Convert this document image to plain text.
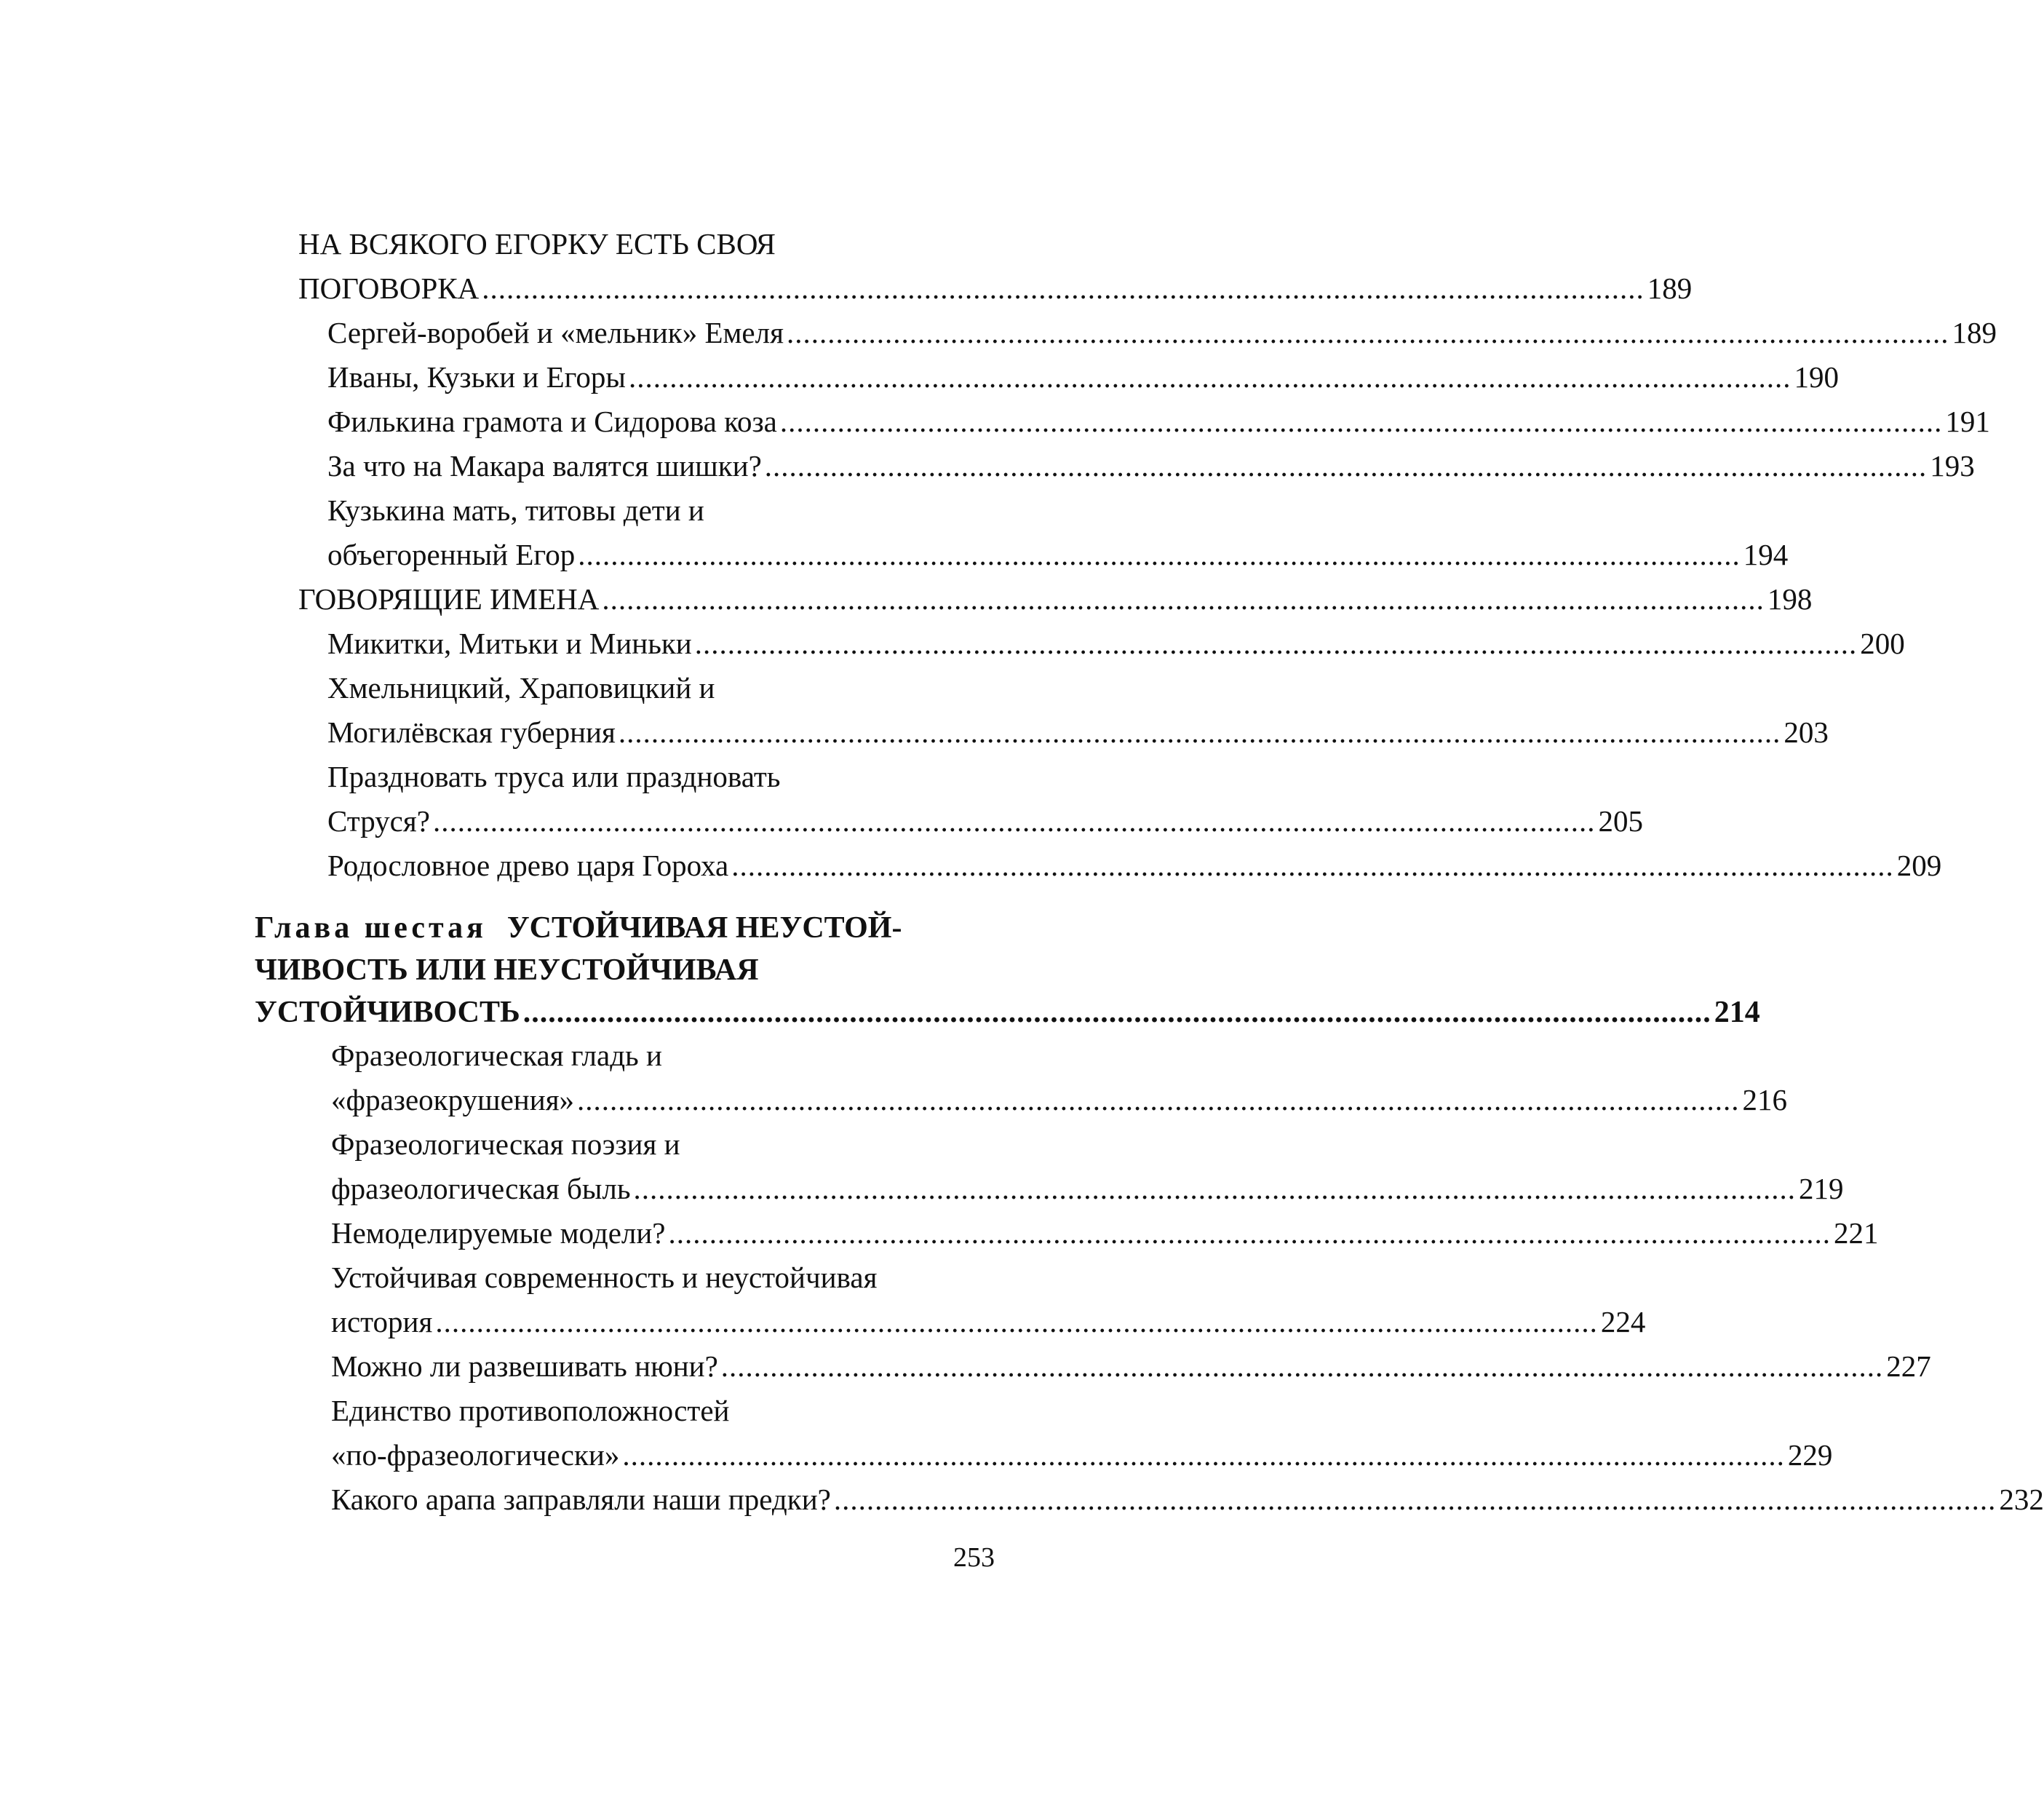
НА ВСЯКОГО ЕГОРКУ ЕСТЬ СВОЯ
ПОГОВОРКА .............................................................................................................................................. 189
Сергей-воробей и «мельник» Емеля .............................................................................................................................................. 189
Иваны, Кузьки и Егоры .............................................................................................................................................. 190
Филькина грамота и Сидорова коза .............................................................................................................................................. 191
За что на Макара валятся шишки? .............................................................................................................................................. 193
Кузькина мать, титовы дети и
объегоренный Егор .............................................................................................................................................. 194
ГОВОРЯЩИЕ ИМЕНА .............................................................................................................................................. 198
Микитки, Митьки и Миньки .............................................................................................................................................. 200
Хмельницкий, Храповицкий и
Могилёвская губерния .............................................................................................................................................. 203
Праздновать труса или праздновать
Струся? .............................................................................................................................................. 205
Родословное древо царя Гороха .............................................................................................................................................. 209
Глава шестая УСТОЙЧИВАЯ НЕУСТОЙ-
ЧИВОСТЬ ИЛИ НЕУСТОЙЧИВАЯ
УСТОЙЧИВОСТЬ .............................................................................................................................................. 214
Фразеологическая гладь и
«фразеокрушения» .............................................................................................................................................. 216
Фразеологическая поэзия и
фразеологическая быль .............................................................................................................................................. 219
Немоделируемые модели? .............................................................................................................................................. 221
Устойчивая современность и неустойчивая
история .............................................................................................................................................. 224
Можно ли развешивать нюни? .............................................................................................................................................. 227
Единство противоположностей
«по-фразеологически» .............................................................................................................................................. 229
Какого арапа заправляли наши предки? .............................................................................................................................................. 232
253
